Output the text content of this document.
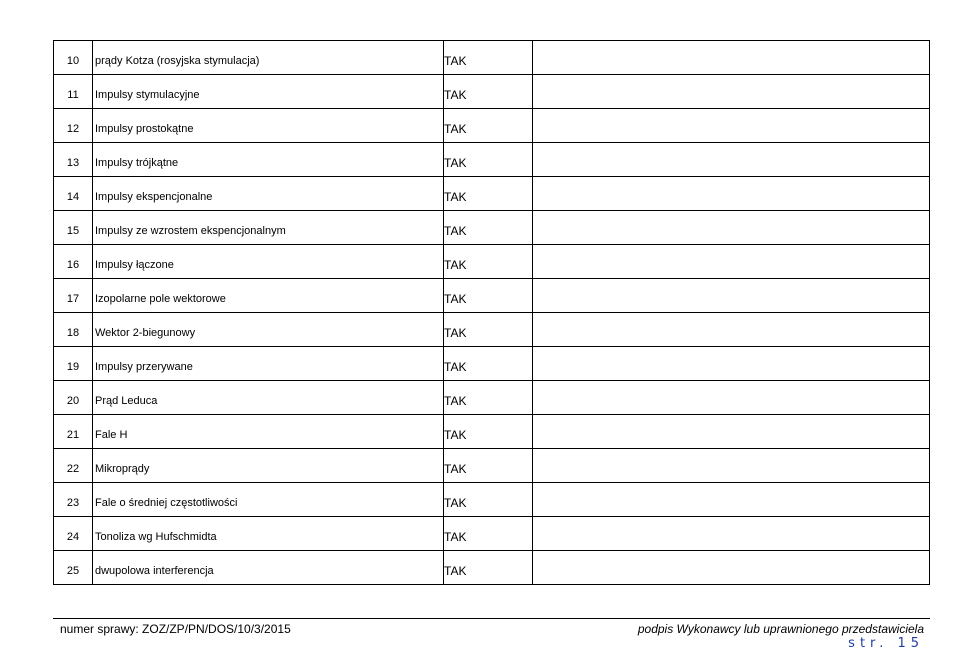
10	prądy Kotza (rosyjska stymulacja)	TAK	
11	Impulsy stymulacyjne	TAK	
12	Impulsy prostokątne	TAK	
13	Impulsy trójkątne	TAK	
14	Impulsy ekspencjonalne	TAK	
15	Impulsy ze wzrostem ekspencjonalnym	TAK	
16	Impulsy łączone	TAK	
17	Izopolarne pole wektorowe	TAK	
18	Wektor 2-biegunowy	TAK	
19	Impulsy przerywane	TAK	
20	Prąd Leduca	TAK	
21	Fale H	TAK	
22	Mikroprądy	TAK	
23	Fale o średniej częstotliwości	TAK	
24	Tonoliza wg Hufschmidta	TAK	
25	dwupolowa interferencja	TAK	
numer sprawy: ZOZ/ZP/PN/DOS/10/3/2015	podpis Wykonawcy lub uprawnionego przedstawiciela
str. 15
